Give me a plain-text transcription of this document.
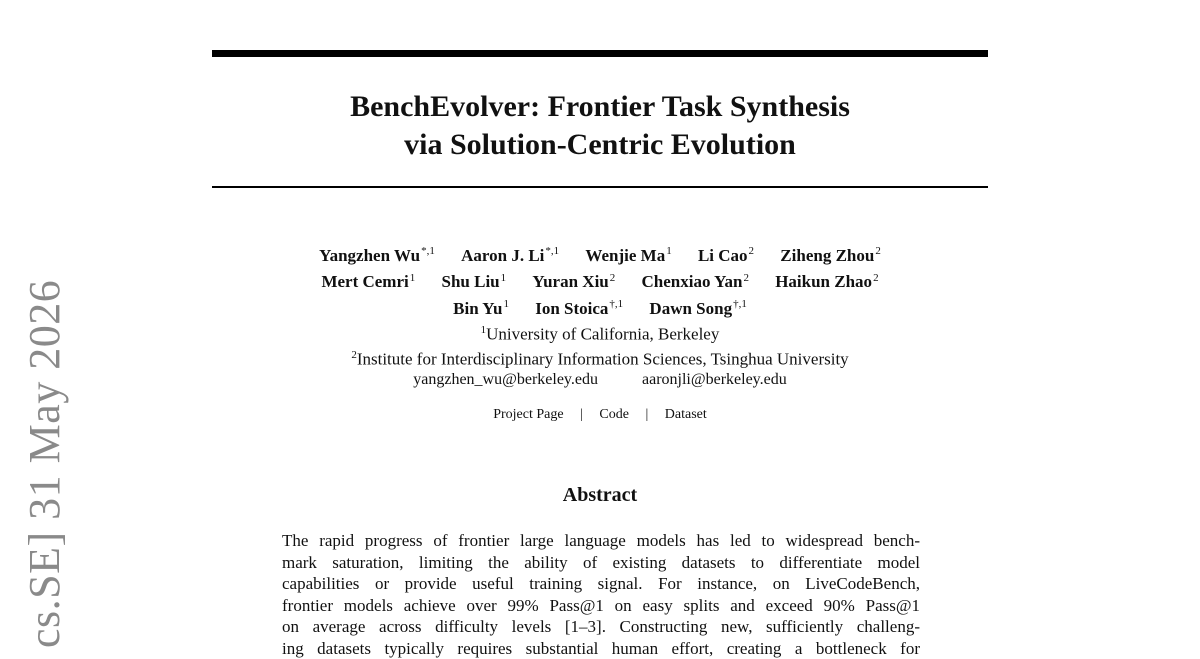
BenchEvolver: Frontier Task Synthesis
via Solution-Centric Evolution
Yangzhen $Wu^{*,1}$ Aaron J. $Li^{*,1}$ Wenjie Ma$^1$ Li Cao$^2$ Ziheng Zhou$^2$
Mert Cemri$^1$ Shu Liu$^1$ Yuran Xiu$^2$ Chenxiao Yan$^2$ Haikun Zhao$^2$
Bin Yu$^1$ Ion Stoica$^{\dagger,1}$ Dawn Song$^{\dagger,1}$
$^1$University of California, Berkeley
$^2$Institute for Interdisciplinary Information Sciences, Tsinghua University
yangzhen_wu@berkeley.edu	aaronjli@berkeley.edu
Project Page | Code | Dataset
Abstract
The rapid progress of frontier large language models has led to widespread bench-
mark saturation, limiting the ability of existing datasets to differentiate model
capabilities or provide useful training signal. For instance, on LiveCodeBench,
frontier models achieve over 99% Pass@1 on easy splits and exceed 90% Pass@1
on average across difficulty levels [1–3]. Constructing new, sufficiently challeng-
ing datasets typically requires substantial human effort, creating a bottleneck for
cs.SE] 31 May 2026
